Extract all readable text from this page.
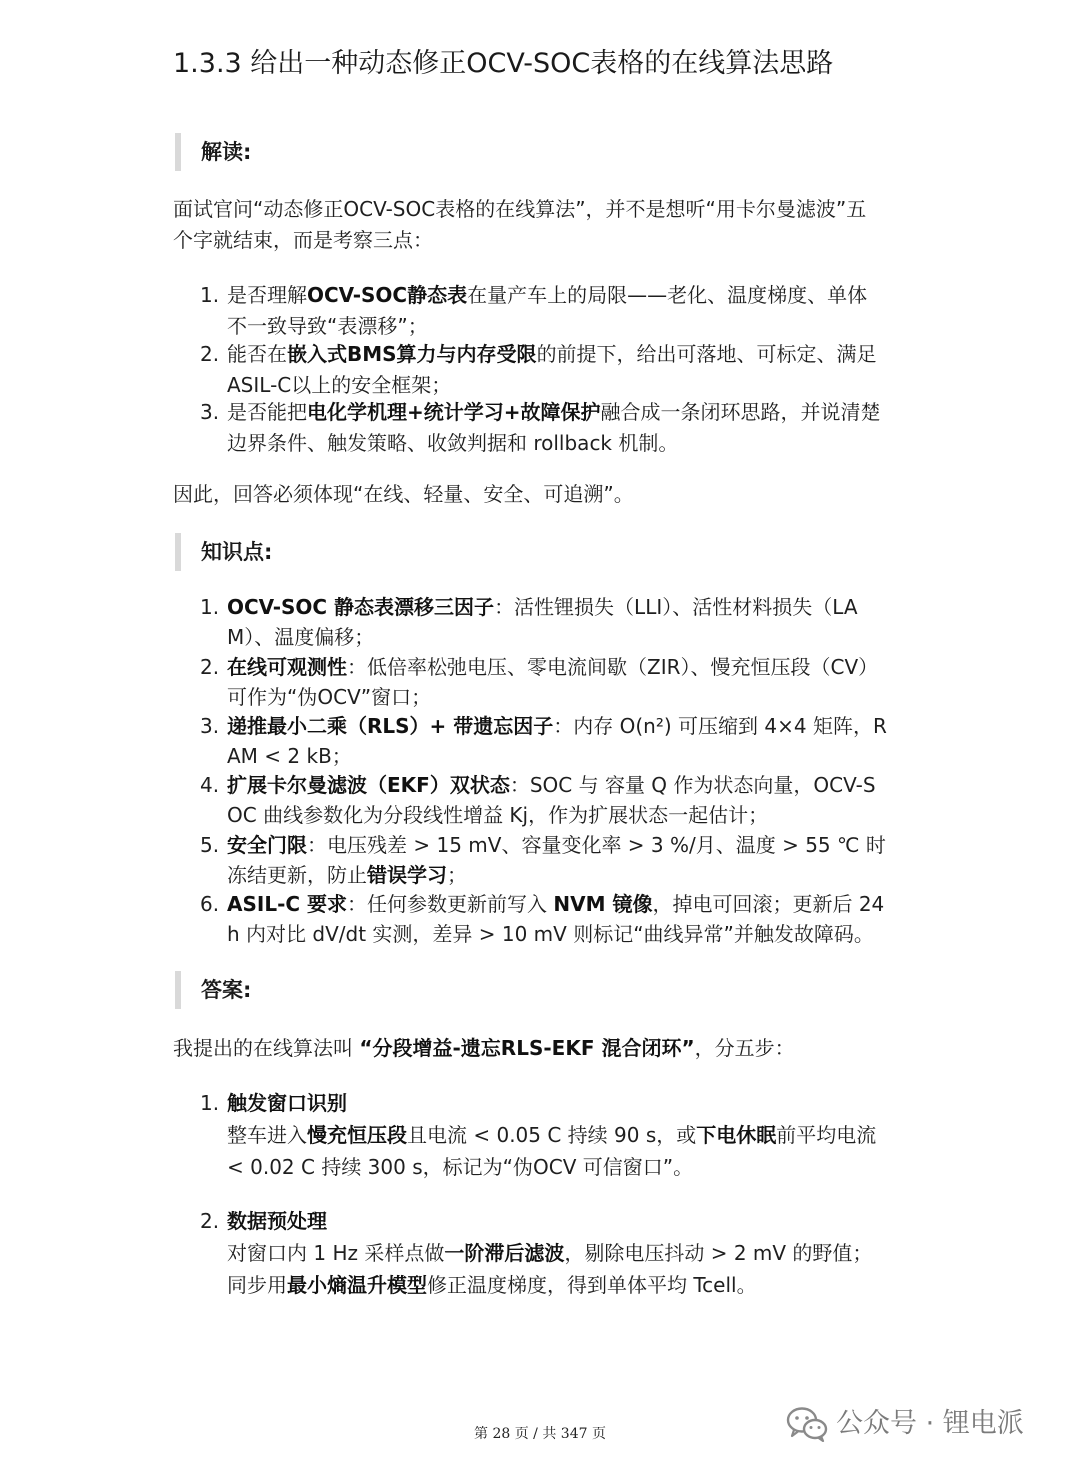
1.3.3 给出一种动态修正OCV-SOC表格的在线算法思路
解读:
面试官问“动态修正OCV-SOC表格的在线算法”，并不是想听“用卡尔曼滤波”五
个字就结束，而是考察三点：
1. 是否理解OCV-SOC静态表在量产车上的局限——老化、温度梯度、单体
不一致导致“表漂移”；
2. 能否在嵌入式BMS算力与内存受限的前提下，给出可落地、可标定、满足
ASIL-C以上的安全框架；
3. 是否能把电化学机理+统计学习+故障保护融合成一条闭环思路，并说清楚
边界条件、触发策略、收敛判据和 rollback 机制。
因此，回答必须体现“在线、轻量、安全、可追溯”。
知识点:
1. OCV-SOC 静态表漂移三因子：活性锂损失（LLI）、活性材料损失（LA
M）、温度偏移；
2. 在线可观测性：低倍率松弛电压、零电流间歇（ZIR）、慢充恒压段（CV）
可作为“伪OCV”窗口；
3. 递推最小二乘（RLS）+ 带遗忘因子：内存 O(n²) 可压缩到 4×4 矩阵，R
AM < 2 kB；
4. 扩展卡尔曼滤波（EKF）双状态：SOC 与 容量 Q 作为状态向量，OCV-S
OC 曲线参数化为分段线性增益 Kj，作为扩展状态一起估计；
5. 安全门限：电压残差 > 15 mV、容量变化率 > 3 %/月、温度 > 55 ℃ 时
冻结更新，防止错误学习；
6. ASIL-C 要求：任何参数更新前写入 NVM 镜像，掉电可回滚；更新后 24
h 内对比 dV/dt 实测，差异 > 10 mV 则标记“曲线异常”并触发故障码。
答案:
我提出的在线算法叫 “分段增益-遗忘RLS-EKF 混合闭环”，分五步：
1. 触发窗口识别
整车进入慢充恒压段且电流 < 0.05 C 持续 90 s，或下电休眠前平均电流
< 0.02 C 持续 300 s，标记为“伪OCV 可信窗口”。
2. 数据预处理
对窗口内 1 Hz 采样点做一阶滞后滤波，剔除电压抖动 > 2 mV 的野值；
同步用最小熵温升模型修正温度梯度，得到单体平均 Tcell。
第 28 页 / 共 347 页	公众号 · 锂电派
